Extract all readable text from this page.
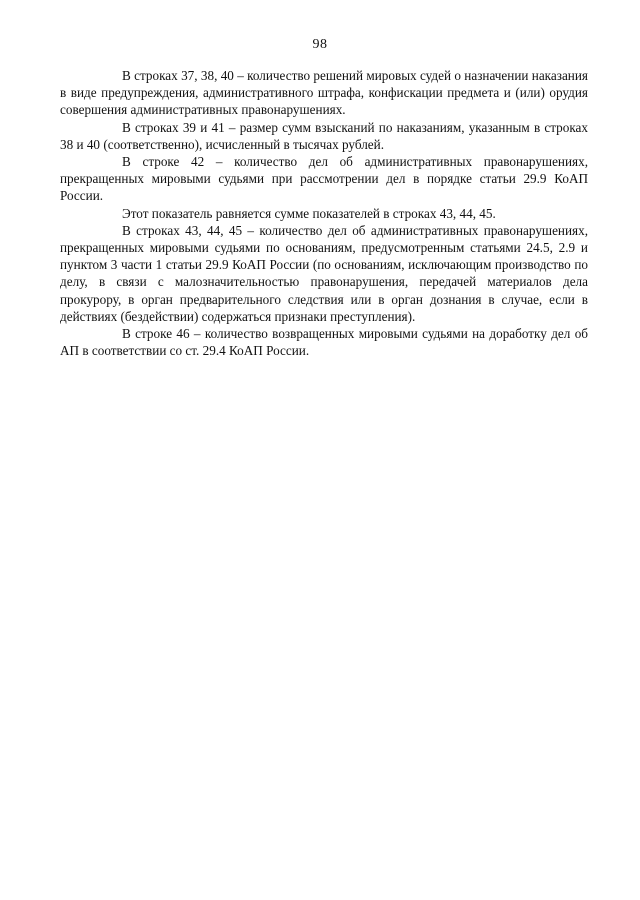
98

В строках 37, 38, 40 – количество решений мировых судей о назначении наказания в виде предупреждения, административного штрафа, конфискации предмета и (или) орудия совершения административных правонарушениях.

В строках 39 и 41 – размер сумм взысканий по наказаниям, указанным в строках 38 и 40 (соответственно), исчисленный в тысячах рублей.

В строке 42 – количество дел об административных правонарушениях, прекращенных мировыми судьями при рассмотрении дел в порядке статьи 29.9 КоАП России.

Этот показатель равняется сумме показателей в строках 43, 44, 45.

В строках 43, 44, 45 – количество дел об административных правонарушениях, прекращенных мировыми судьями по основаниям, предусмотренным статьями 24.5, 2.9 и пунктом 3 части 1 статьи 29.9 КоАП России (по основаниям, исключающим производство по делу, в связи с малозначительностью правонарушения, передачей материалов дела прокурору, в орган предварительного следствия или в орган дознания в случае, если в действиях (бездействии) содержаться признаки преступления).

В строке 46 – количество возвращенных мировыми судьями на доработку дел об АП в соответствии со ст. 29.4 КоАП России.
